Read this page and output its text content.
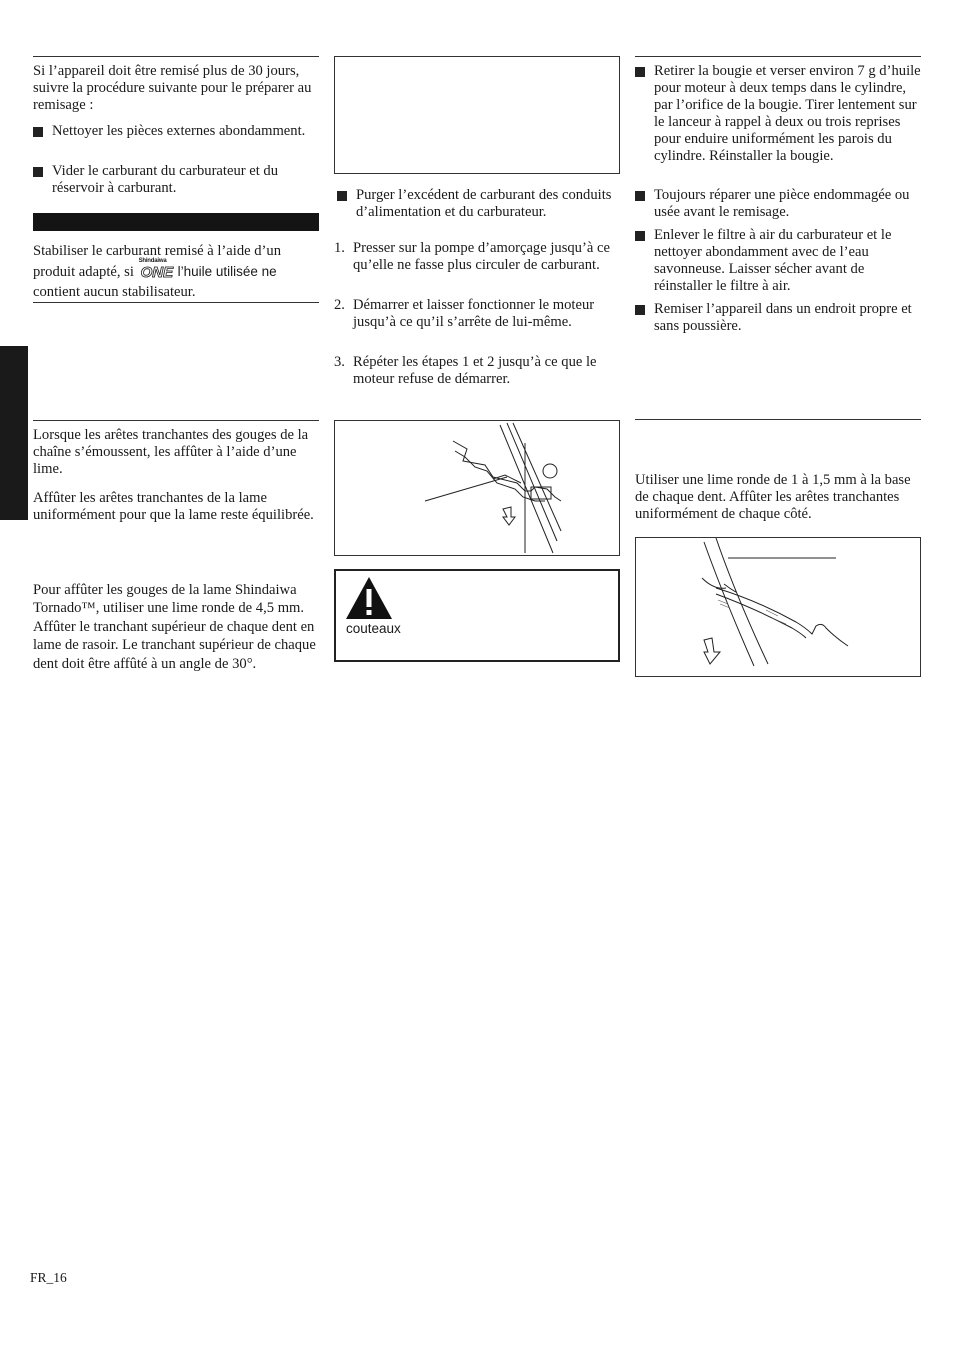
Si l’appareil doit être remisé plus de 30 jours, suivre la procédure suivante pour le préparer au remisage :

Nettoyer les pièces externes abondamment.
Vider le carburant du carburateur et du réservoir à carburant.
Stabiliser le carburant remisé à l’aide d’un produit adapté, si
Shindaiwa
ONE l’huile utilisée ne
contient aucun stabilisateur.

Lorsque les arêtes tranchantes des gouges de la chaîne s’émoussent, les affûter à l’aide d’une lime.

Affûter les arêtes tranchantes de la lame uniformément pour que la lame reste équilibrée.

Pour affûter les gouges de la lame Shindaiwa Tornado™, utiliser une lime ronde de 4,5 mm. Affûter le tranchant supérieur de chaque dent en lame de rasoir. Le tranchant supérieur de chaque dent doit être affûté à un angle de 30°.

Purger l’excédent de carburant des conduits d’alimentation et du carburateur.
1. Presser sur la pompe d’amorçage jusqu’à ce qu’elle ne fasse plus circuler de carburant.
2. Démarrer et laisser fonctionner le moteur jusqu’à ce qu’il s’arrête de lui-même.
3. Répéter les étapes 1 et 2 jusqu’à ce que le moteur refuse de démarrer.
couteaux
Retirer la bougie et verser environ 7 g d’huile pour moteur à deux temps dans le cylindre, par l’orifice de la bougie. Tirer lentement sur le lanceur à rappel à deux ou trois reprises pour enduire uniformément les parois du cylindre. Réinstaller la bougie.
Toujours réparer une pièce endommagée ou usée avant le remisage.
Enlever le filtre à air du carburateur et le nettoyer abondamment avec de l’eau savonneuse. Laisser sécher avant de réinstaller le filtre à air.
Remiser l’appareil dans un endroit propre et sans poussière.

Utiliser une lime ronde de 1 à 1,5 mm à la base de chaque dent. Affûter les arêtes tranchantes uniformément de chaque côté.

FR_16
